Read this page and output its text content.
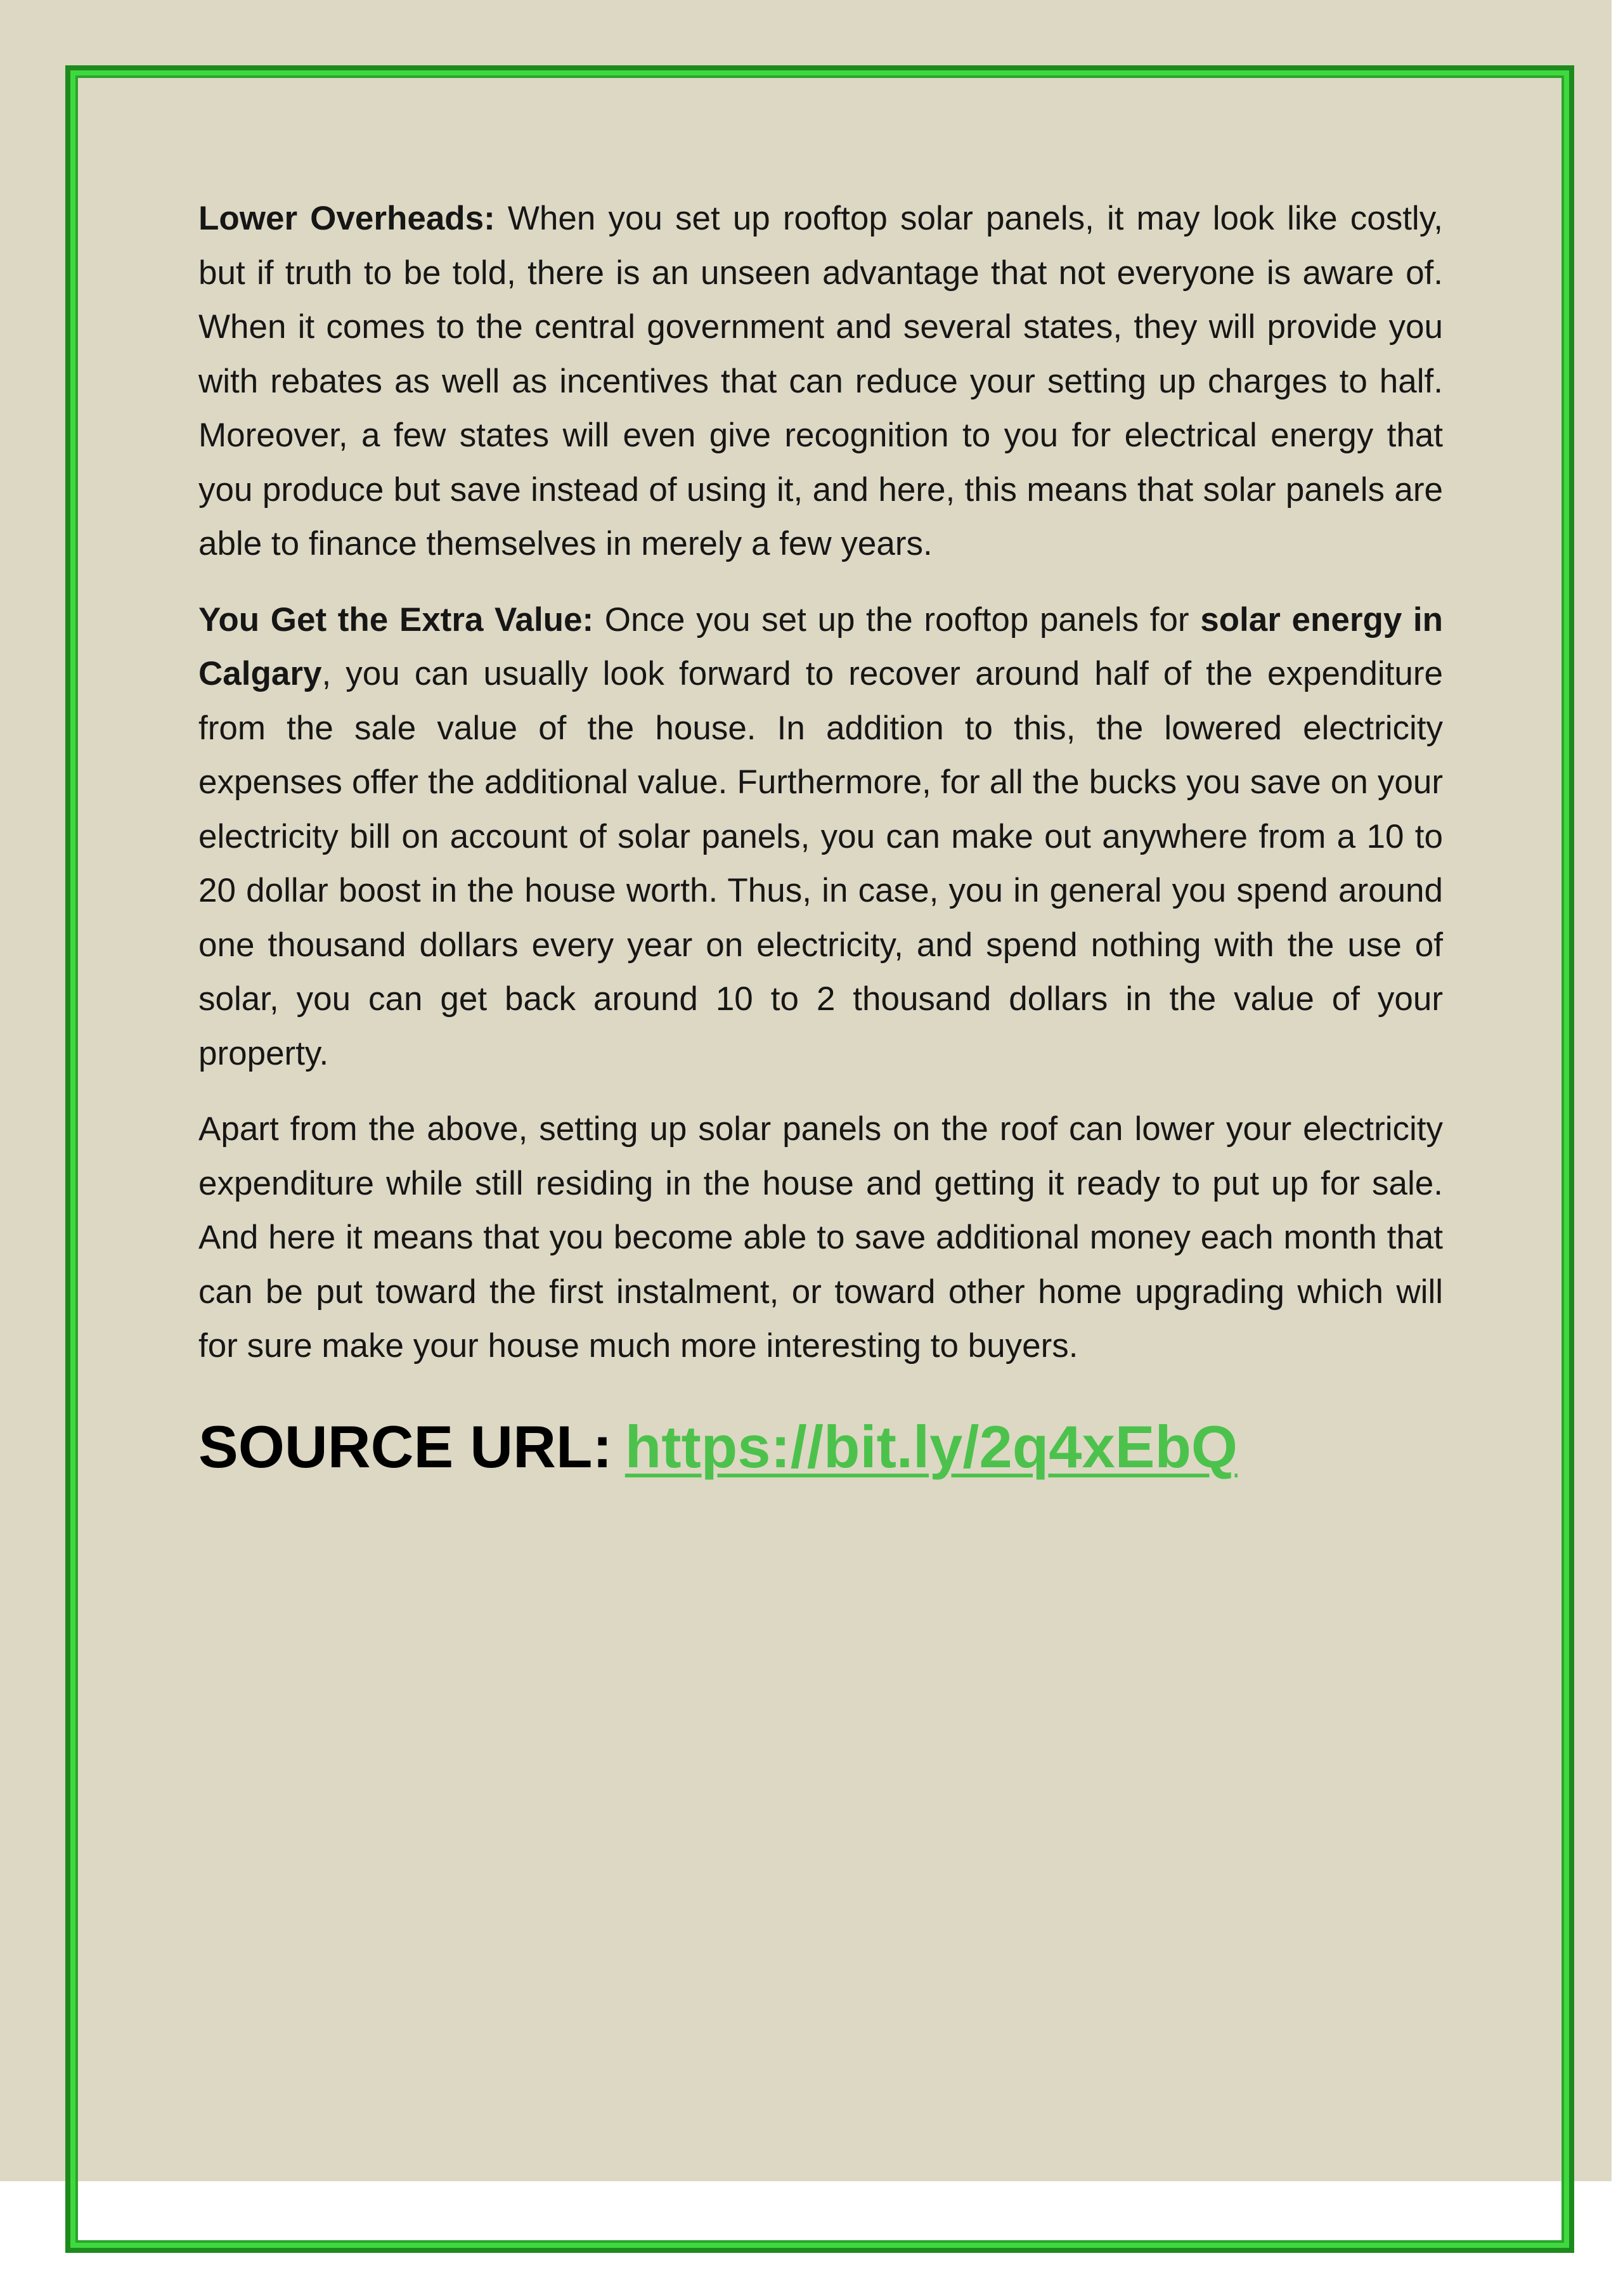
Lower Overheads: When you set up rooftop solar panels, it may look like costly, but if truth to be told, there is an unseen advantage that not everyone is aware of. When it comes to the central government and several states, they will provide you with rebates as well as incentives that can reduce your setting up charges to half. Moreover, a few states will even give recognition to you for electrical energy that you produce but save instead of using it, and here, this means that solar panels are able to finance themselves in merely a few years.

You Get the Extra Value: Once you set up the rooftop panels for solar energy in Calgary, you can usually look forward to recover around half of the expenditure from the sale value of the house. In addition to this, the lowered electricity expenses offer the additional value. Furthermore, for all the bucks you save on your electricity bill on account of solar panels, you can make out anywhere from a 10 to 20 dollar boost in the house worth. Thus, in case, you in general you spend around one thousand dollars every year on electricity, and spend nothing with the use of solar, you can get back around 10 to 2 thousand dollars in the value of your property.

Apart from the above, setting up solar panels on the roof can lower your electricity expenditure while still residing in the house and getting it ready to put up for sale. And here it means that you become able to save additional money each month that can be put toward the first instalment, or toward other home upgrading which will for sure make your house much more interesting to buyers.

SOURCE URL: https://bit.ly/2q4xEbQ
